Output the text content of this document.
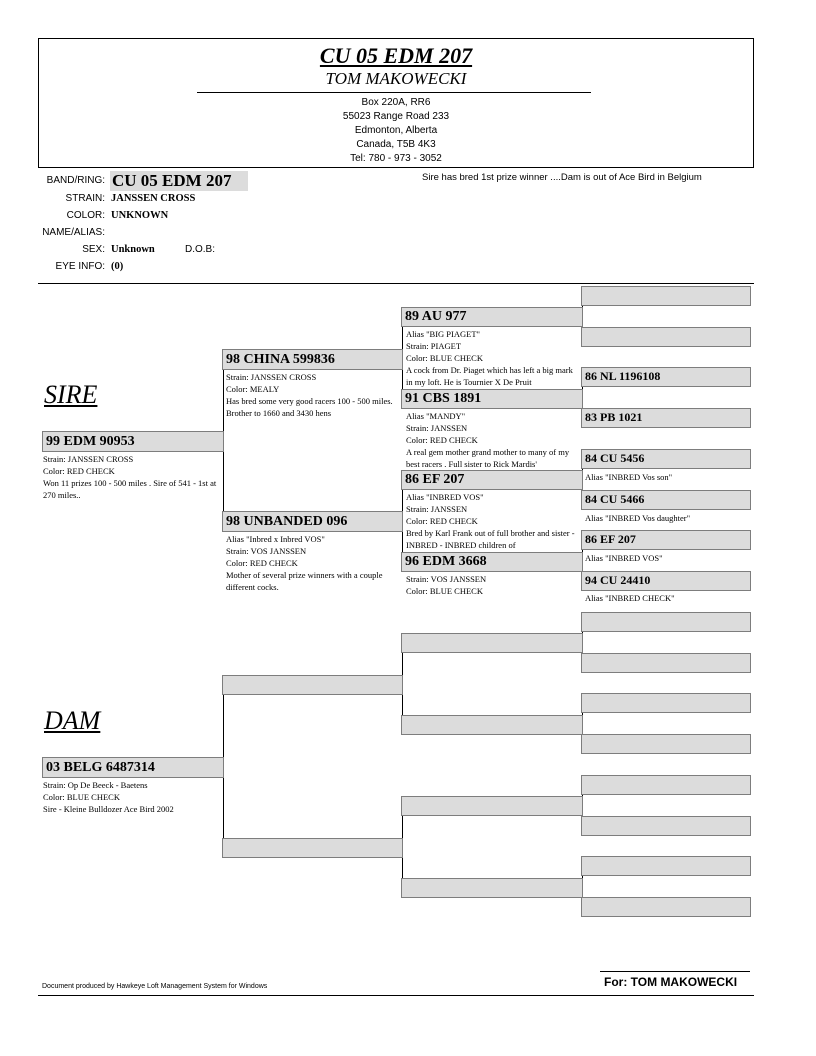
CU 05 EDM 207
TOM MAKOWECKI
Box 220A, RR6
55023 Range Road 233
Edmonton, Alberta
Canada, T5B 4K3
Tel: 780 - 973 - 3052
BAND/RING: CU 05 EDM 207
STRAIN: JANSSEN CROSS
COLOR: UNKNOWN
NAME/ALIAS:
SEX: Unknown	D.O.B:
EYE INFO: (0)
Sire has bred 1st prize winner ....Dam is out of Ace Bird in Belgium
SIRE
DAM
99 EDM 90953
Strain: JANSSEN CROSS
Color: RED CHECK
Won 11 prizes 100 - 500 miles . Sire of 541 - 1st at 270 miles..
03 BELG 6487314
Strain: Op De Beeck - Baetens
Color: BLUE CHECK
Sire - Kleine Bulldozer Ace Bird 2002
98 CHINA 599836
Strain: JANSSEN CROSS
Color: MEALY
Has bred some very good racers 100 - 500 miles. Brother to 1660 and 3430 hens
98 UNBANDED 096
Alias "Inbred x Inbred VOS"
Strain: VOS JANSSEN
Color: RED CHECK
Mother of several prize winners with a couple different cocks.
89 AU 977
Alias "BIG PIAGET"
Strain: PIAGET
Color: BLUE CHECK
A cock from Dr. Piaget which has left a big mark in my loft. He is Tournier X De Pruit
91 CBS 1891
Alias "MANDY"
Strain: JANSSEN
Color: RED CHECK
A real gem mother grand mother to many of my best racers . Full sister to Rick Mardis'
86 EF 207
Alias "INBRED VOS"
Strain: JANSSEN
Color: RED CHECK
Bred by Karl Frank out of full brother and sister - INBRED - INBRED children of
96 EDM 3668
Strain: VOS JANSSEN
Color: BLUE CHECK
86 NL 1196108
83 PB 1021
84 CU 5456
Alias "INBRED Vos son"
84 CU 5466
Alias "INBRED Vos daughter"
86 EF 207
Alias "INBRED VOS"
94 CU 24410
Alias "INBRED CHECK"
Document produced by Hawkeye Loft Management System for Windows	For: TOM MAKOWECKI
